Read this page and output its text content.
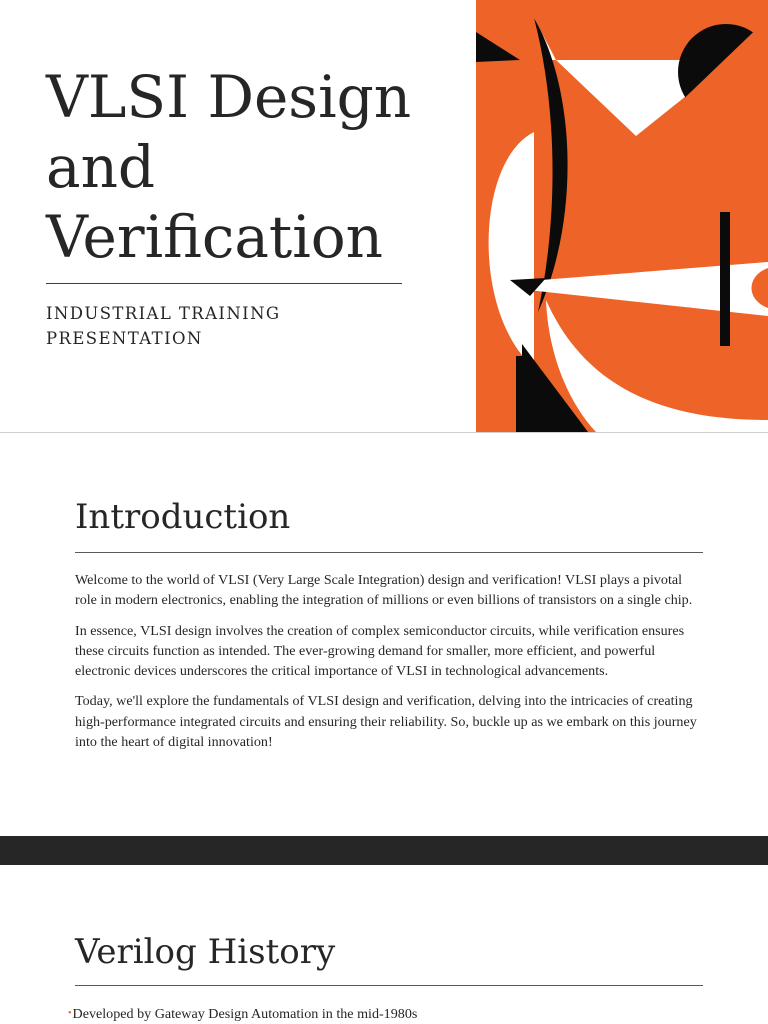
VLSI Design
and
Verification

INDUSTRIAL TRAINING
PRESENTATION

Introduction

Welcome to the world of VLSI (Very Large Scale Integration) design and verification! VLSI plays a pivotal role in modern electronics, enabling the integration of millions or even billions of transistors on a single chip.

In essence, VLSI design involves the creation of complex semiconductor circuits, while verification ensures these circuits function as intended. The ever-growing demand for smaller, more efficient, and powerful electronic devices underscores the critical importance of VLSI in technological advancements.

Today, we'll explore the fundamentals of VLSI design and verification, delving into the intricacies of creating high-performance integrated circuits and ensuring their reliability. So, buckle up as we embark on this journey into the heart of digital innovation!

Verilog History
•Developed by Gateway Design Automation in the mid-1980s
